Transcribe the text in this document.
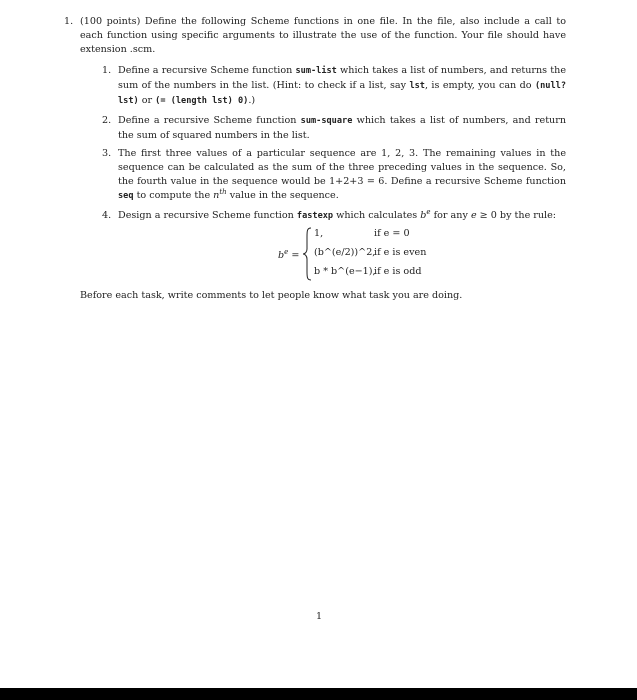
1. (100 points) Define the following Scheme functions in one file. In the file, also include a call to each function using specific arguments to illustrate the use of the function. Your file should have extension .scm.
1. Define a recursive Scheme function sum-list which takes a list of numbers, and returns the sum of the numbers in the list. (Hint: to check if a list, say lst, is empty, you can do (null? lst) or (= (length lst) 0).)
2. Define a recursive Scheme function sum-square which takes a list of numbers, and return the sum of squared numbers in the list.
3. The first three values of a particular sequence are 1, 2, 3. The remaining values in the sequence can be calculated as the sum of the three preceding values in the sequence. So, the fourth value in the sequence would be 1+2+3 = 6. Define a recursive Scheme function seq to compute the $n^{th}$ value in the sequence.
4. Design a recursive Scheme function fastexp which calculates $b^e$ for any e ≥ 0 by the rule:
$b^e$ =
1,	if e = 0
(b^(e/2))^2,
if e is even
b * b^(e−1),
if e is odd
Before each task, write comments to let people know what task you are doing.
1
